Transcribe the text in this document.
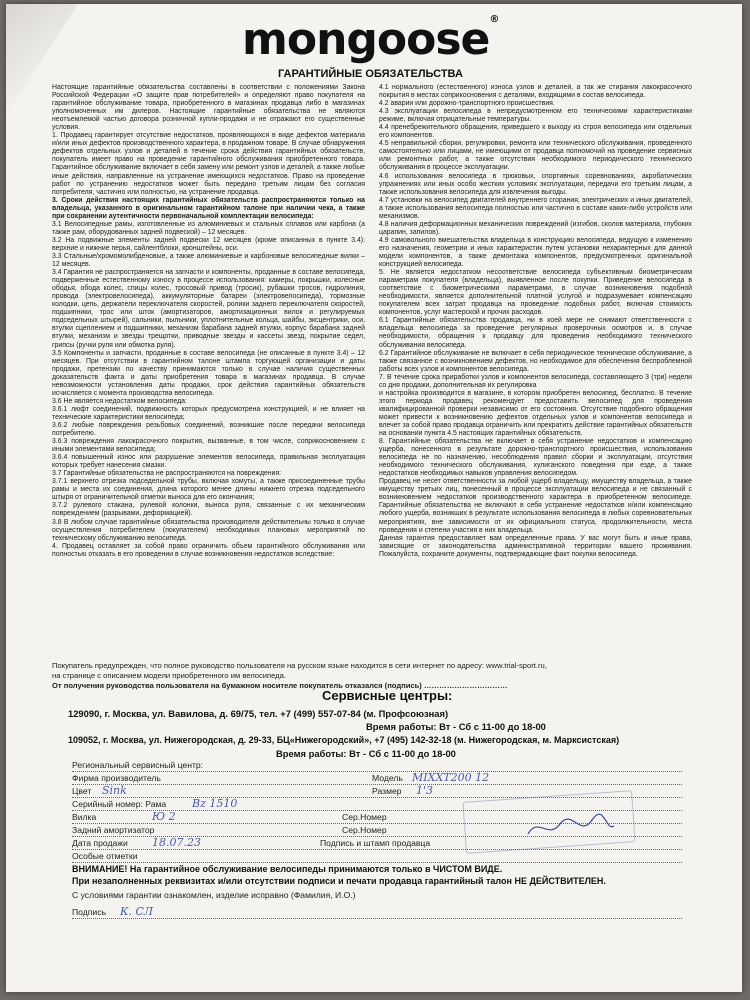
mongoose®
ГАРАНТИЙНЫЕ ОБЯЗАТЕЛЬСТВА

Настоящие гарантийные обязательства составлены в соответствии с положениями Закона Российской Федерации «О защите прав потребителей» и определяют право покупателя на гарантийное обслуживание товара, приобретенного в магазинах продавца либо в магазинах уполномоченных им дилеров. Настоящие гарантийные обязательства не являются неотъемлемой частью договора розничной купли-продажи и не отражают его существенные условия.

1. Продавец гарантирует отсутствие недостатков, проявляющихся в виде дефектов материала и/или иных дефектов производственного характера, в продажном товаре. В случае обнаружения дефектов отдельных узлов и деталей в течение срока действия гарантийных обязательств, покупатель имеет право на проведение гарантийного обслуживания приобретенного товара. Гарантийное обслуживание включает в себя замену или ремонт узлов и деталей, а также любые иные действия, направленные на устранение имеющихся недостатков. Право на проведение работ по устранению недостатков может быть передано третьим лицам без согласия потребителя, частично или полностью, на устранение продавца.

3. Сроки действия настоящих гарантийных обязательств распространяются только на владельца, указанного в оригинальном гарантийном талоне при наличии чека, а также при сохранении аутентичности первоначальной комплектации велосипеда:

3.1 Велосипедные рамы, изготовленные из алюминиевых и стальных сплавов или карбона (а также рам, оборудованных задней подвеской) – 12 месяцев.

3.2 На подвижные элементы задней подвески 12 месяцев (кроме описанных в пункте 3.4): верхние и нижние перья, сайлентблоки, кронштейны, оси.

3.3 Стальные/хромомолибденовые, а также алюминиевые и карбоновые велосипедные вилки – 12 месяцев.

3.4 Гарантия не распространяется на запчасти и компоненты, проданные в составе велосипеда, подверженные естественному износу в процессе использования: камеры, покрышки, колесные ободья, обода колес, спицы колес, тросовый привод (тросик), рубашки тросов, гидролиния, провода (электровелосипеда), аккумуляторные батареи (электровелосипеда), тормозные колодки, цепь, держатели переключателя скоростей, ролики заднего переключателя скоростей, подшипники, трос или шток (амортизаторов, амортизационных вилок и регулируемых подседельных штырей), сальники, пыльники, уплотнительные кольца, шайбы, эксцентрики, оси, втулки сцеплением и подшипники, механизм барабана задней втулки, корпус барабана задней втулки, механизм и звезды трещотки, приводные звезды и кассеты звезд, покрытие седел, грипсы (ручки руля или обмотка руля).

3.5 Компоненты и запчасти, проданные в составе велосипеда (не описанные в пункте 3.4) – 12 месяцев. При отсутствии в гарантийном талоне штампа торгующей организации и даты продажи, претензии по качеству принимаются только в случае наличия существенных доказательств факта и даты приобретения товара в магазинах продавца. В случае невозможности установления даты продажи, срок действия гарантийных обязательств исчисляется с момента производства велосипеда.

3.6 Не является недостатком велосипеда:

3.6.1 люфт соединений, подвижность которых предусмотрена конструкцией, и не влияет на технические характеристики велосипеда;

3.6.2 любые повреждения резьбовых соединений, возникшие после передачи велосипеда потребителю.

3.6.3 повреждения лакокрасочного покрытия, вызванные, в том числе, соприкосновением с иными элементами велосипеда;

3.6.4 повышенный износ или разрушение элементов велосипеда, правильная эксплуатация которых требует нанесения смазки.

3.7 Гарантийные обязательства не распространяются на повреждения:

3.7.1 верхнего отрезка подседельной трубы, включая хомуты, а также присоединенные трубы рамы и места их соединения, длина которого менее длины нижнего отрезка подседельного штыря от ограничительной отметки выноса для его окончания;

3.7.2 рулевого стакана, рулевой колонки, выноса руля, связанные с их механическим повреждением (разрывами, деформацией).

3.8 В любом случае гарантийные обязательства производителя действительны только в случае осуществления потребителем (покупателем) необходимых плановых мероприятий по техническому обслуживанию велосипеда.

4. Продавец оставляет за собой право ограничить объем гарантийного обслуживания или полностью отказать в его проведении в случае возникновения недостатков вследствие:

4.1 нормального (естественного) износа узлов и деталей, а так же стирания лакокрасочного покрытия в местах соприкосновения с деталями, входящими в состав велосипеда.

4.2 аварии или дорожно-транспортного происшествия.

4.3 эксплуатации велосипеда в непредусмотренном его техническими характеристиками режиме, включая отрицательные температуры.

4.4 пренебрежительного обращения, приведшего к выходу из строя велосипеда или отдельных его компонентов.

4.5 неправильной сборки, регулировки, ремонта или технического обслуживания, проведенного самостоятельно или лицами, не имеющими от продавца полномочий на проведение сервисных или ремонтных работ, а также отсутствия необходимого периодического технического обслуживания в процессе эксплуатации.

4.6 использования велосипеда в трюковых, спортивных соревнованиях, акробатических упражнениях или иных особо жестких условиях эксплуатации, передачи его третьим лицам, а также использования велосипеда для извлечения выгоды.

4.7 установки на велосипед двигателей внутреннего сгорания, электрических и иных двигателей, а также использования велосипеда полностью или частично в составе каких-либо устройств или механизмов.

4.8 наличия деформационных механических повреждений (изгибов, сколов материала, глубоких царапин, запилов).

4.9 самовольного вмешательства владельца в конструкцию велосипеда, ведущую к изменению его назначения, геометрии и иных характеристик путем установки нехарактерных для данной модели компонентов, а также демонтажа компонентов, предусмотренных оригинальной конструкцией велосипеда.

5. Не является недостатком несоответствие велосипеда субъективным биометрическим параметрам покупателя (владельца), выявленное после покупки. Приведение велосипеда в соответствие с биометрическими параметрами, в случае возникновения подобной необходимости, является дополнительной платной услугой и подразумевает компенсацию покупателем всех затрат продавца на проведение подобных работ, включая стоимость компонентов, услуг мастерской и прочих расходов.

6.1 Гарантийные обязательства продавца, ни в коей мере не снимают ответственности с владельца велосипеда за проведение регулярных проверочных осмотров и, в случае необходимости, обращения к продавцу для проведения необходимого технического обслуживания велосипеда.

6.2 Гарантийное обслуживание не включает в себя периодическое техническое обслуживание, а также связанное с возникновением дефектов, но необходимое для обеспечения беспроблемной работы всех узлов и компонентов велосипеда.

7. В течение срока приработки узлов и компонентов велосипеда, составляющего 3 (три) недели со дня продажи, дополнительная их регулировка

и настройка производится в магазине, в котором приобретен велосипед, бесплатно. В течение этого периода продавец рекомендует предоставить велосипед для проведения квалифицированной проверки независимо от его состояния. Отсутствие подобного обращения может привести к возникновению дефектов отдельных узлов и компонентов велосипеда и влечет за собой право продавца ограничить или прекратить действие гарантийных обязательств на основании пункта 4.5 настоящих гарантийных обязательств.

8. Гарантийные обязательства не включает в себя устранение недостатков и компенсацию ущерба, понесенного в результате дорожно-транспортного происшествия, использования велосипеда не по назначению, несоблюдения правил сборки и эксплуатации, отсутствия необходимого технического обслуживания, хулиганского поведения при езде, а также недостатков необходимых навыков управления велосипедом.

Продавец не несет ответственности за любой ущерб владельцу, имуществу владельца, а также имуществу третьих лиц, понесенный в процессе эксплуатации велосипеда и не связанный с возникновением недостатков производственного характера в приобретенном велосипеде. Гарантийные обязательства не включают в себя устранение недостатков и/или компенсацию любого ущерба, возникших в результате использования велосипеда в любых соревновательных мероприятиях, вне зависимости от их официального статуса, продолжительности, места проведения и степени участия в них владельца.

Данная гарантия предоставляет вам определенные права. У вас могут быть и иные права, зависящие от законодательства административной территории вашего проживания. Пожалуйста, сохраните документы, подтверждающие факт покупки велосипеда.

Покупатель предупрежден, что полное руководство пользователя на русском языке находится в сети интернет по адресу: www.trial-sport.ru,
на странице с описанием модели приобретенного им велосипеда.
От получения руководства пользователя на бумажном носителе покупатель отказался (подпись) ……………………………
Сервисные центры:
129090, г. Москва, ул. Вавилова, д. 69/75, тел. +7 (499) 557-07-84 (м. Профсоюзная)
Время работы: Вт - Сб с 11-00 до 18-00
109052, г. Москва, ул. Нижегородская, д. 29-33, БЦ«Нижегородский», +7 (495) 142-32-18 (м. Нижегородская, м. Марксистская)
Время работы: Вт - Сб с 11-00 до 18-00
Региональный сервисный центр:
Фирма производитель	Модель MIXXT200 12
Цвет Sink	Размер 1'3
Серийный номер: Рама Bz 1510
Вилка	Ю 2	Сер.Номер
Задний амортизатор	Сер.Номер
Дата продажи 18.07.23	Подпись и штамп продавца
Особые отметки
ВНИМАНИЕ! На гарантийное обслуживание велосипеды принимаются только в ЧИСТОМ ВИДЕ.
При незаполненных реквизитах и/или отсутствии подписи и печати продавца гарантийный талон НЕ ДЕЙСТВИТЕЛЕН.
С условиями гарантии ознакомлен, изделие исправно (Фамилия, И.О.)
Подпись К. СЛ
